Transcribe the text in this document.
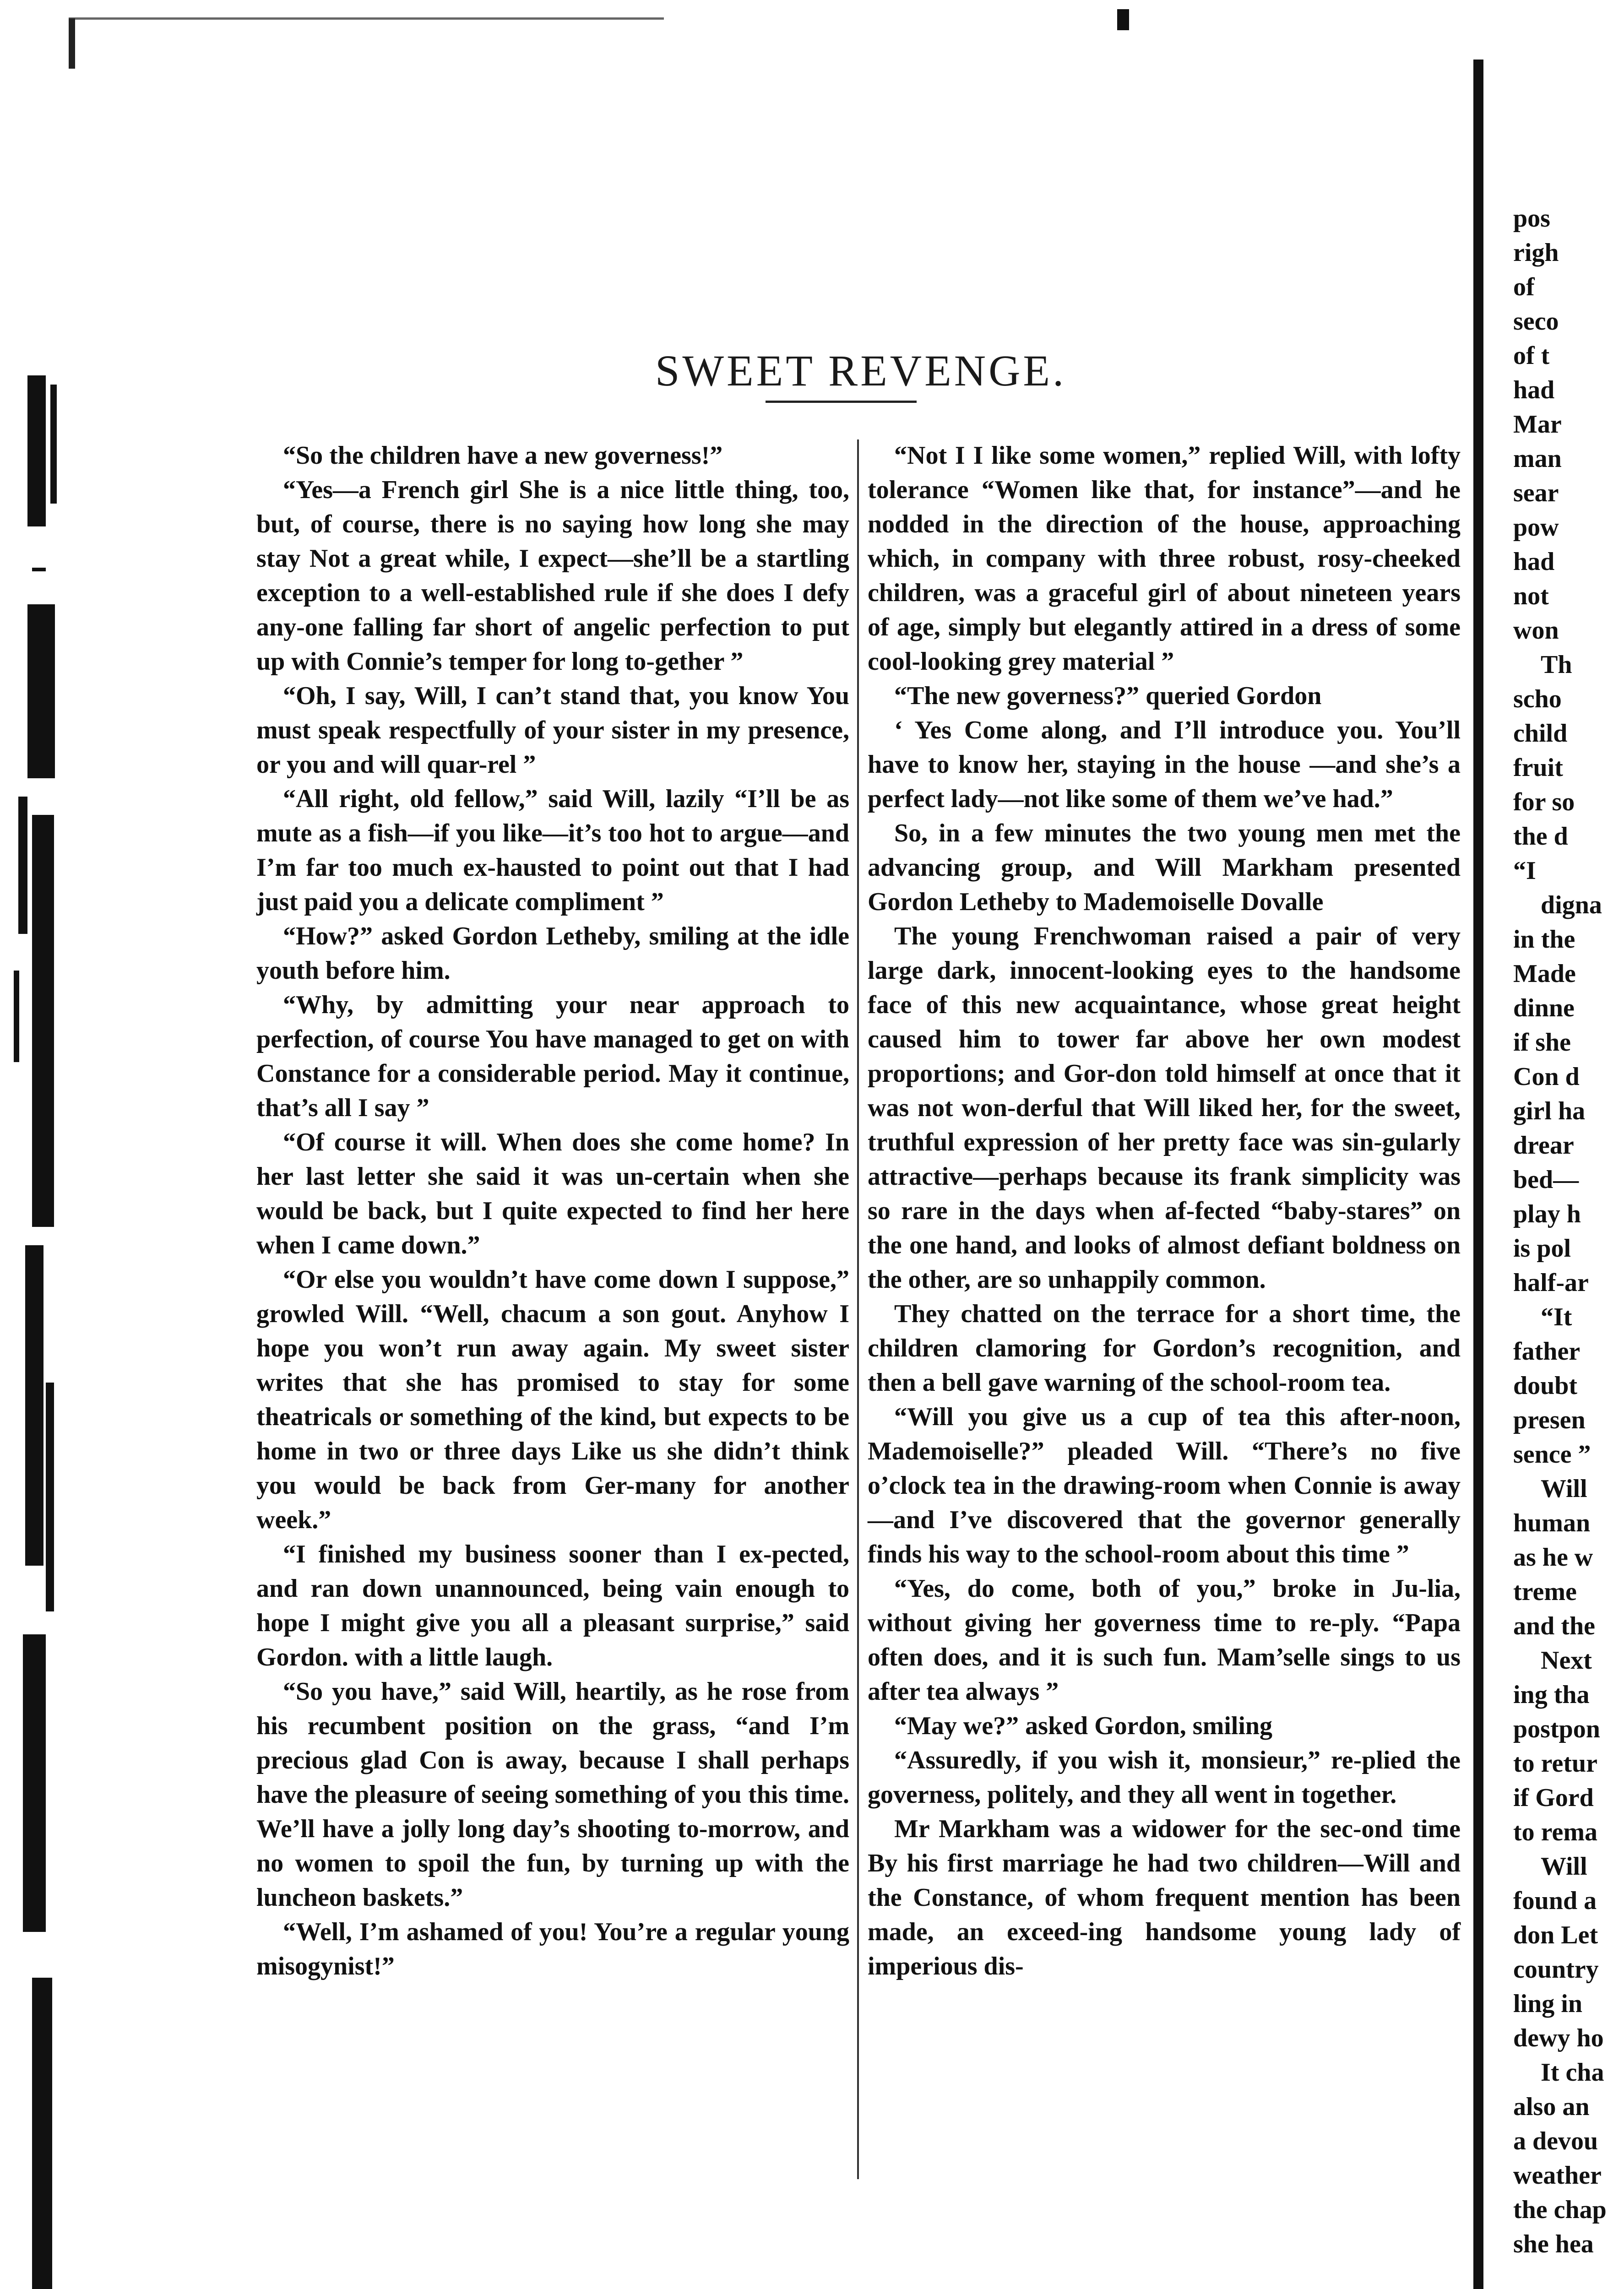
SWEET REVENGE.

“So the children have a new governess!”

“Yes—a French girl She is a nice little thing, too, but, of course, there is no saying how long she may stay Not a great while, I expect—she’ll be a startling exception to a well-established rule if she does I defy any-one falling far short of angelic perfection to put up with Connie’s temper for long to-gether ”

“Oh, I say, Will, I can’t stand that, you know You must speak respectfully of your sister in my presence, or you and will quar-rel ”

“All right, old fellow,” said Will, lazily “I’ll be as mute as a fish—if you like—it’s too hot to argue—and I’m far too much ex-hausted to point out that I had just paid you a delicate compliment ”

“How?” asked Gordon Letheby, smiling at the idle youth before him.

“Why, by admitting your near approach to perfection, of course You have managed to get on with Constance for a considerable period. May it continue, that’s all I say ”

“Of course it will. When does she come home? In her last letter she said it was un-certain when she would be back, but I quite expected to find her here when I came down.”

“Or else you wouldn’t have come down I suppose,” growled Will. “Well, chacum a son gout. Anyhow I hope you won’t run away again. My sweet sister writes that she has promised to stay for some theatricals or something of the kind, but expects to be home in two or three days Like us she didn’t think you would be back from Ger-many for another week.”

“I finished my business sooner than I ex-pected, and ran down unannounced, being vain enough to hope I might give you all a pleasant surprise,” said Gordon. with a little laugh.

“So you have,” said Will, heartily, as he rose from his recumbent position on the grass, “and I’m precious glad Con is away, because I shall perhaps have the pleasure of seeing something of you this time. We’ll have a jolly long day’s shooting to-morrow, and no women to spoil the fun, by turning up with the luncheon baskets.”

“Well, I’m ashamed of you! You’re a regular young misogynist!”

“Not I I like some women,” replied Will, with lofty tolerance “Women like that, for instance”—and he nodded in the direction of the house, approaching which, in company with three robust, rosy-cheeked children, was a graceful girl of about nineteen years of age, simply but elegantly attired in a dress of some cool-looking grey material ”

“The new governess?” queried Gordon

‘ Yes Come along, and I’ll introduce you. You’ll have to know her, staying in the house —and she’s a perfect lady—not like some of them we’ve had.”

So, in a few minutes the two young men met the advancing group, and Will Markham presented Gordon Letheby to Mademoiselle Dovalle

The young Frenchwoman raised a pair of very large dark, innocent-looking eyes to the handsome face of this new acquaintance, whose great height caused him to tower far above her own modest proportions; and Gor-don told himself at once that it was not won-derful that Will liked her, for the sweet, truthful expression of her pretty face was sin-gularly attractive—perhaps because its frank simplicity was so rare in the days when af-fected “baby-stares” on the one hand, and looks of almost defiant boldness on the other, are so unhappily common.

They chatted on the terrace for a short time, the children clamoring for Gordon’s recognition, and then a bell gave warning of the school-room tea.

“Will you give us a cup of tea this after-noon, Mademoiselle?” pleaded Will. “There’s no five o’clock tea in the drawing-room when Connie is away—and I’ve discovered that the governor generally finds his way to the school-room about this time ”

“Yes, do come, both of you,” broke in Ju-lia, without giving her governess time to re-ply. “Papa often does, and it is such fun. Mam’selle sings to us after tea always ”

“May we?” asked Gordon, smiling

“Assuredly, if you wish it, monsieur,” re-plied the governess, politely, and they all went in together.

Mr Markham was a widower for the sec-ond time By his first marriage he had two children—Will and the Constance, of whom frequent mention has been made, an exceed-ing handsome young lady of imperious dis-

pos
righ
of
seco
of t
had
Mar
man
sear
pow
had
not
won
Th
scho
child
fruit
for so
the d
“I
digna
in the
Made
dinne
if she
Con d
girl ha
drear
bed—
play h
is pol
half-ar
“It
father
doubt
presen
sence ”
Will
human
as he w
treme
and the
Next
ing tha
postpon
to retur
if Gord
to rema
Will
found a
don Let
country
ling in
dewy ho
It cha
also an
a devou
weather
the chap
she hea
